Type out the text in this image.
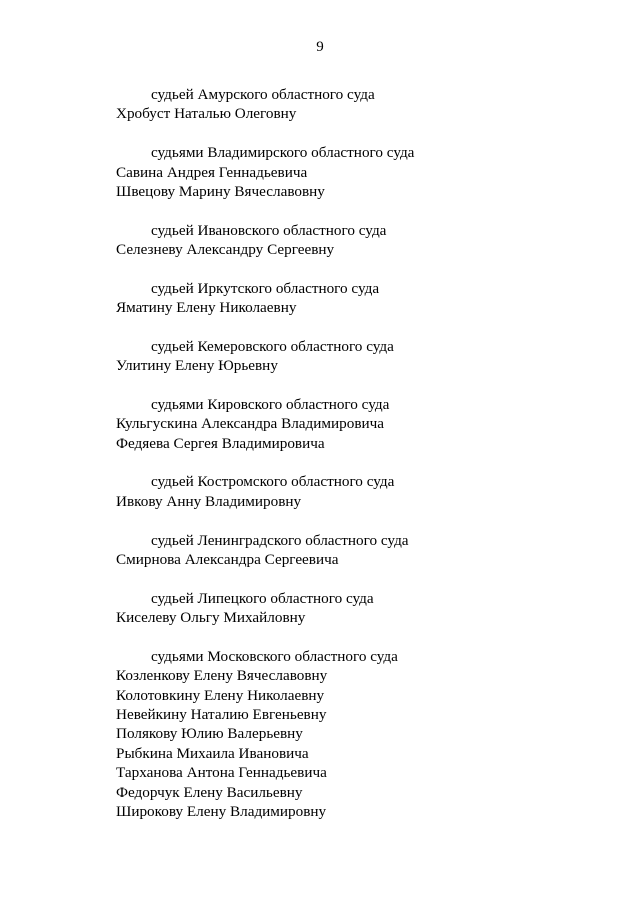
9
судьей Амурского областного суда
Хробуст Наталью Олеговну
судьями Владимирского областного суда
Савина Андрея Геннадьевича
Швецову Марину Вячеславовну
судьей Ивановского областного суда
Селезневу Александру Сергеевну
судьей Иркутского областного суда
Яматину Елену Николаевну
судьей Кемеровского областного суда
Улитину Елену Юрьевну
судьями Кировского областного суда
Кульгускина Александра Владимировича
Федяева Сергея Владимировича
судьей Костромского областного суда
Ивкову Анну Владимировну
судьей Ленинградского областного суда
Смирнова Александра Сергеевича
судьей Липецкого областного суда
Киселеву Ольгу Михайловну
судьями Московского областного суда
Козленкову Елену Вячеславовну
Колотовкину Елену Николаевну
Невейкину Наталию Евгеньевну
Полякову Юлию Валерьевну
Рыбкина Михаила Ивановича
Тарханова Антона Геннадьевича
Федорчук Елену Васильевну
Широкову Елену Владимировну
